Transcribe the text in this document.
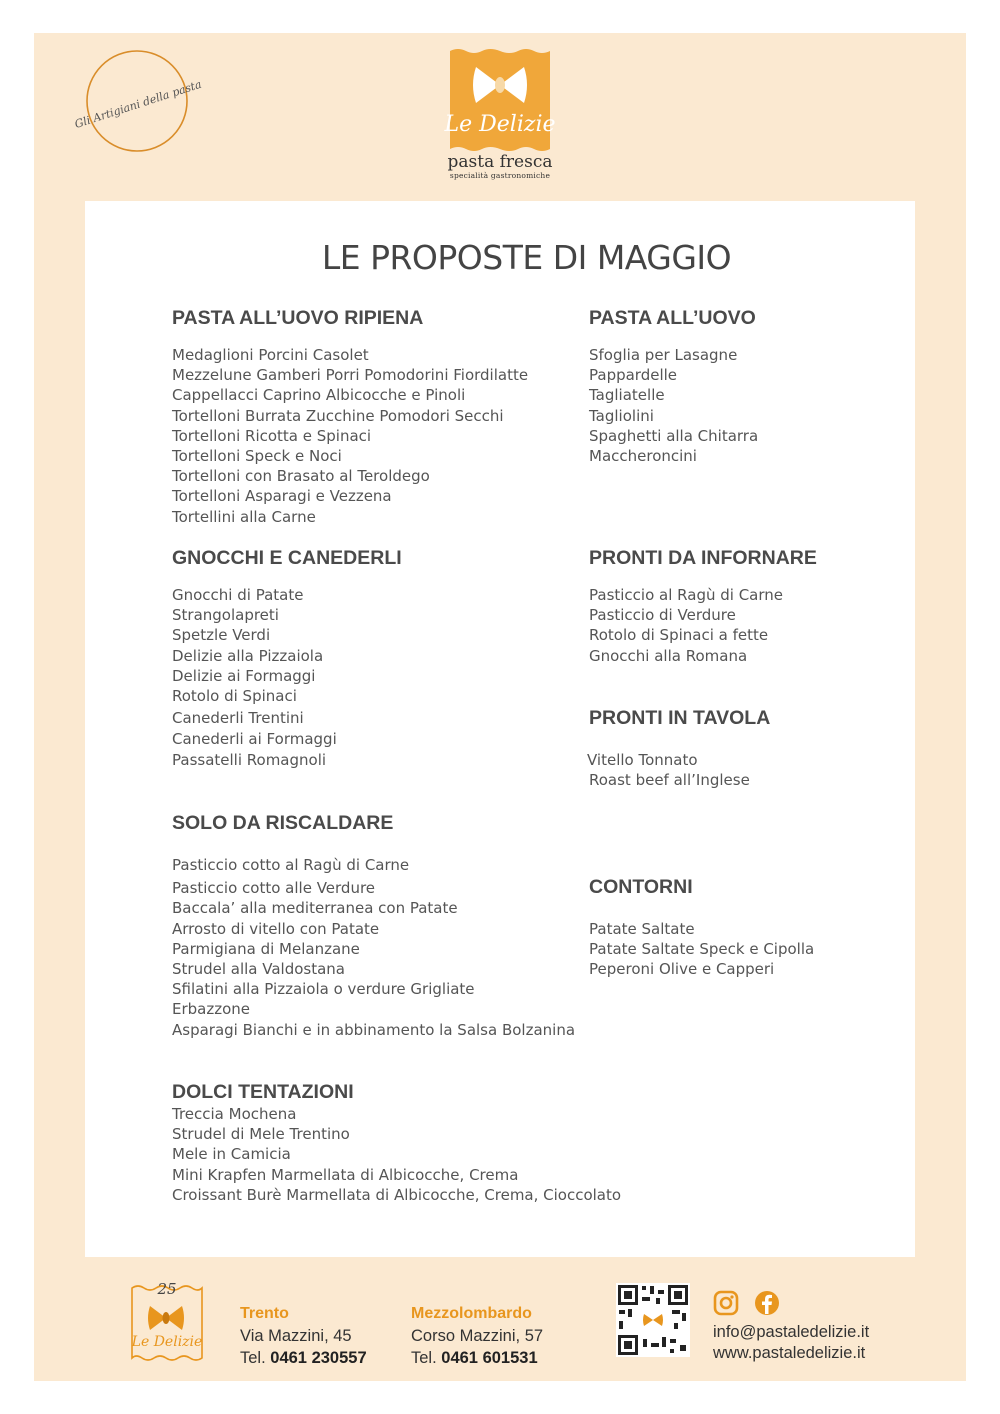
Gli Artigiani della pasta	Le Delizie
pasta fresca
specialità gastronomiche
LE PROPOSTE DI MAGGIO
PASTA ALL’UOVO RIPIENA
Medaglioni Porcini Casolet
Mezzelune Gamberi Porri Pomodorini Fiordilatte
Cappellacci Caprino Albicocche e Pinoli
Tortelloni Burrata Zucchine Pomodori Secchi
Tortelloni Ricotta e Spinaci
Tortelloni Speck e Noci
Tortelloni con Brasato al Teroldego
Tortelloni Asparagi e Vezzena
Tortellini alla Carne
PASTA ALL’UOVO
Sfoglia per Lasagne
Pappardelle
Tagliatelle
Tagliolini
Spaghetti alla Chitarra
Maccheroncini
GNOCCHI E CANEDERLI
Gnocchi di Patate
Strangolapreti
Spetzle Verdi
Delizie alla Pizzaiola
Delizie ai Formaggi
Rotolo di Spinaci
Canederli Trentini
Canederli ai Formaggi
Passatelli Romagnoli
PRONTI DA INFORNARE
Pasticcio al Ragù di Carne
Pasticcio di Verdure
Rotolo di Spinaci a fette
Gnocchi alla Romana
PRONTI IN TAVOLA
Vitello Tonnato
Roast beef all’Inglese
SOLO DA RISCALDARE
Pasticcio cotto al Ragù di Carne
Pasticcio cotto alle Verdure
Baccala’ alla mediterranea con Patate
Arrosto di vitello con Patate
Parmigiana di Melanzane
Strudel alla Valdostana
Sfilatini alla Pizzaiola o verdure Grigliate
Erbazzone
Asparagi Bianchi e in abbinamento la Salsa Bolzanina
CONTORNI
Patate Saltate
Patate Saltate Speck e Cipolla
Peperoni Olive e Capperi
DOLCI TENTAZIONI
Treccia Mochena
Strudel di Mele Trentino
Mele in Camicia
Mini Krapfen Marmellata di Albicocche, Crema
Croissant Burè Marmellata di Albicocche, Crema, Cioccolato
25
Le Delizie
Trento
Via Mazzini, 45
Tel. 0461 230557
Mezzolombardo
Corso Mazzini, 57
Tel. 0461 601531

info@pastaledelizie.it
www.pastaledelizie.it
